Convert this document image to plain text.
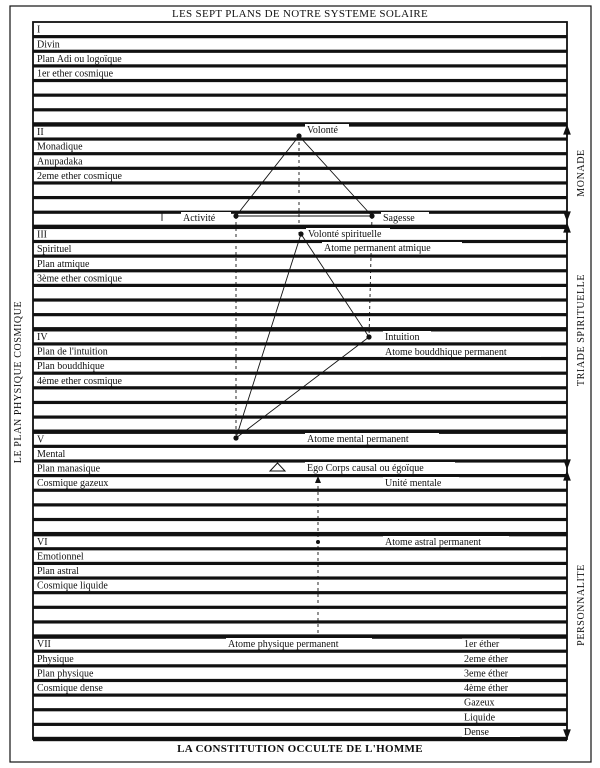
LES SEPT PLANS DE NOTRE SYSTEME SOLAIRE
LA CONSTITUTION OCCULTE DE L'HOMME
LE PLAN PHYSIQUE COSMIQUE
MONADE
TRIADE SPIRITUELLE
PERSONNALITE
I
Divin
Plan Adi ou logoïque
1er ether cosmique
II
Monadique
Anupadaka
2eme ether cosmique
III
Spirituel
Plan atmique
3ème ether cosmique
IV
Plan de l'intuition
Plan bouddhique
4ème ether cosmique
V
Mental
Plan manasique
Cosmique gazeux
VI
Emotionnel
Plan astral
Cosmique liquide
VII
Physique
Plan physique
Cosmique dense
Volonté
Activité	Sagesse
Volonté spirituelle
Atome permanent atmique
Intuition
Atome bouddhique permanent
Atome mental permanent
Ego Corps causal ou égoïque
Unité mentale
Atome astral permanent
Atome physique permanent	1er éther
2eme éther
3eme éther
4ème éther
Gazeux
Liquide
Dense
